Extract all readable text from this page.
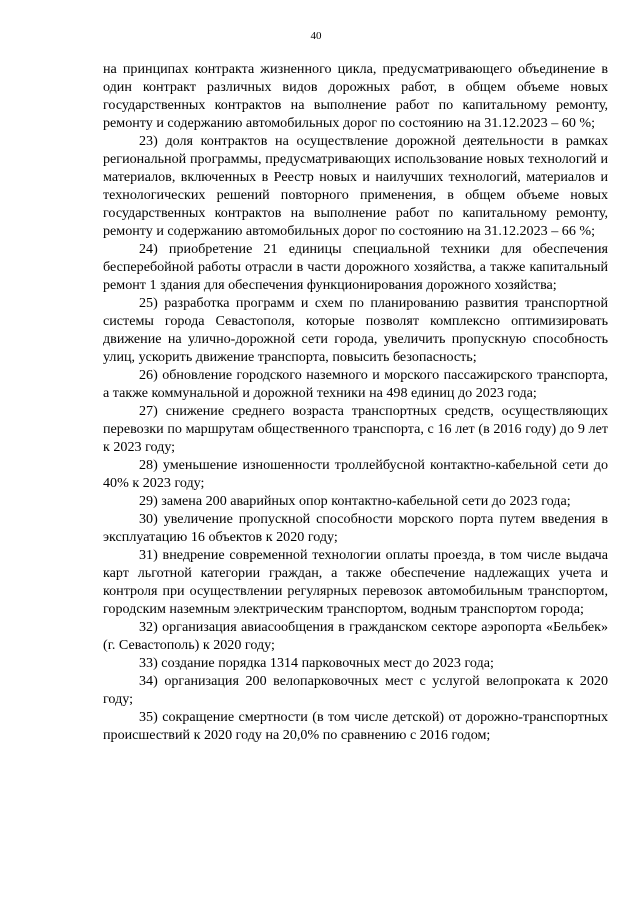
40

на принципах контракта жизненного цикла, предусматривающего объединение в один контракт различных видов дорожных работ, в общем объеме новых государственных контрактов на выполнение работ по капитальному ремонту, ремонту и содержанию автомобильных дорог по состоянию на 31.12.2023 – 60 %;

23) доля контрактов на осуществление дорожной деятельности в рамках региональной программы, предусматривающих использование новых технологий и материалов, включенных в Реестр новых и наилучших технологий, материалов и технологических решений повторного применения, в общем объеме новых государственных контрактов на выполнение работ по капитальному ремонту, ремонту и содержанию автомобильных дорог по состоянию на 31.12.2023 – 66 %;

24) приобретение 21 единицы специальной техники для обеспечения бесперебойной работы отрасли в части дорожного хозяйства, а также капитальный ремонт 1 здания для обеспечения функционирования дорожного хозяйства;

25) разработка программ и схем по планированию развития транспортной системы города Севастополя, которые позволят комплексно оптимизировать движение на улично-дорожной сети города, увеличить пропускную способность улиц, ускорить движение транспорта, повысить безопасность;

26) обновление городского наземного и морского пассажирского транспорта, а также коммунальной и дорожной техники на 498 единиц до 2023 года;

27) снижение среднего возраста транспортных средств, осуществляющих перевозки по маршрутам общественного транспорта, с 16 лет (в 2016 году) до 9 лет к 2023 году;

28) уменьшение изношенности троллейбусной контактно-кабельной сети до 40% к 2023 году;

29) замена 200 аварийных опор контактно-кабельной сети до 2023 года;

30) увеличение пропускной способности морского порта путем введения в эксплуатацию 16 объектов к 2020 году;

31) внедрение современной технологии оплаты проезда, в том числе выдача карт льготной категории граждан, а также обеспечение надлежащих учета и контроля при осуществлении регулярных перевозок автомобильным транспортом, городским наземным электрическим транспортом, водным транспортом города;

32) организация авиасообщения в гражданском секторе аэропорта «Бельбек» (г. Севастополь) к 2020 году;

33) создание порядка 1314 парковочных мест до 2023 года;

34) организация 200 велопарковочных мест с услугой велопроката к 2020 году;

35) сокращение смертности (в том числе детской) от дорожно-транспортных происшествий к 2020 году на 20,0% по сравнению с 2016 годом;
